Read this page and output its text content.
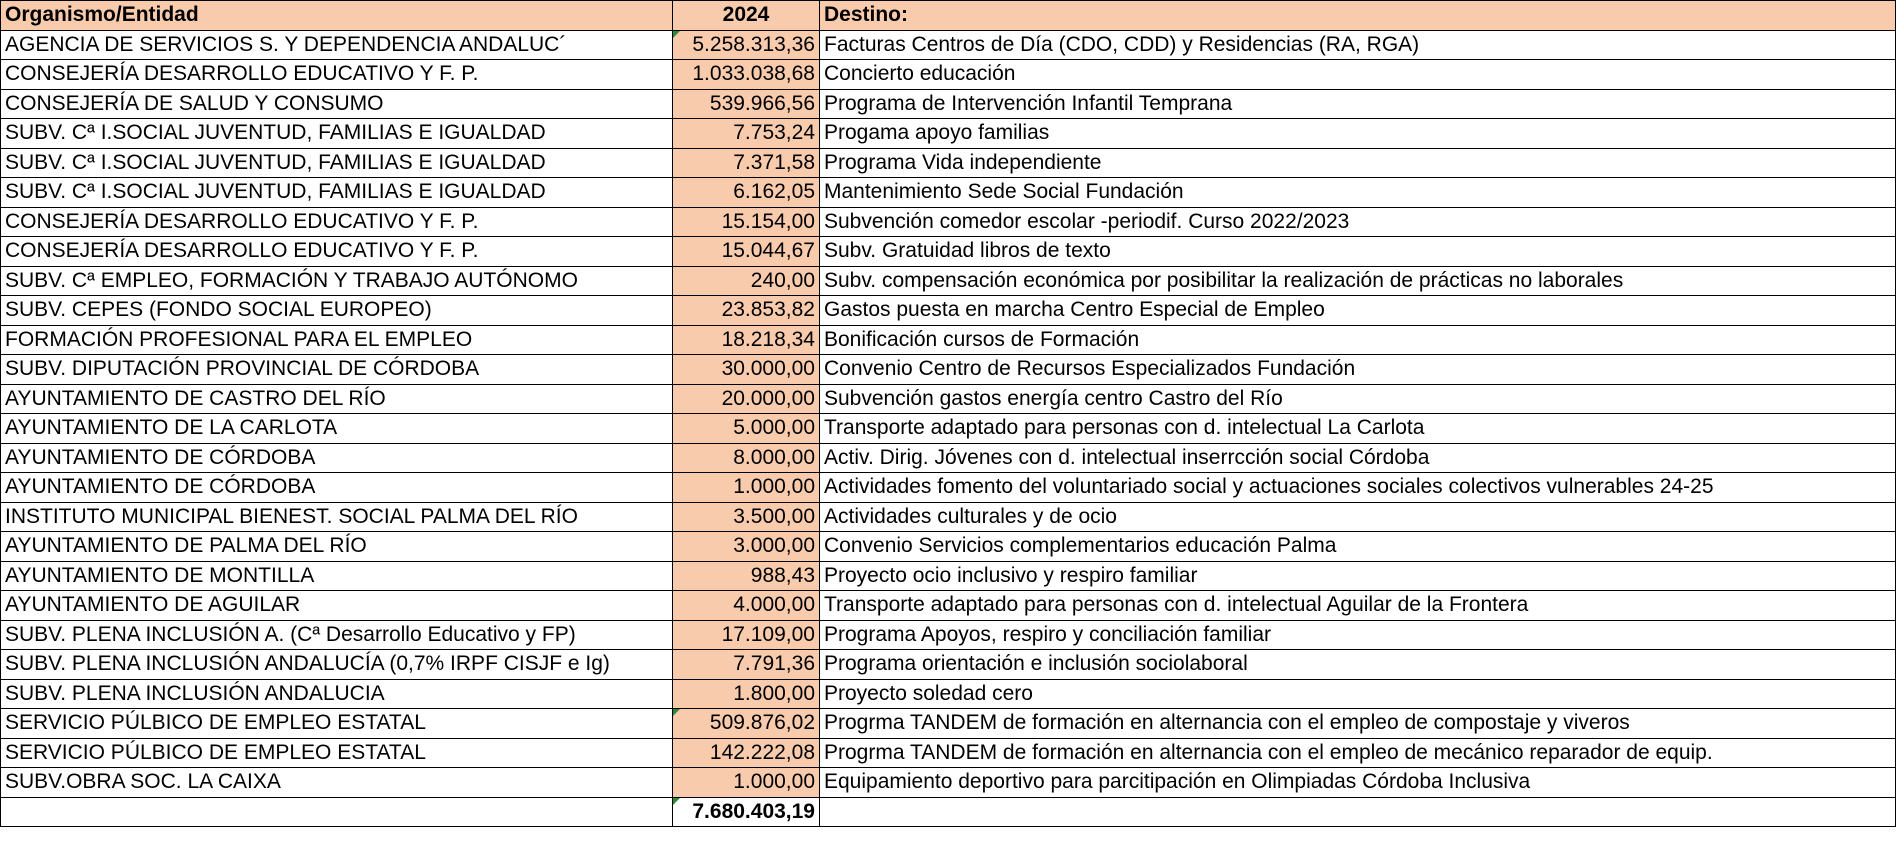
Organismo/Entidad	2024	Destino:
AGENCIA DE SERVICIOS S. Y DEPENDENCIA ANDALUC´	5.258.313,36	Facturas Centros de Día (CDO, CDD) y Residencias (RA, RGA)
CONSEJERÍA DESARROLLO EDUCATIVO Y F. P.	1.033.038,68	Concierto educación
CONSEJERÍA DE SALUD Y CONSUMO	539.966,56	Programa de Intervención Infantil Temprana
SUBV. Cª I.SOCIAL JUVENTUD, FAMILIAS E IGUALDAD	7.753,24	Progama apoyo familias
SUBV. Cª I.SOCIAL JUVENTUD, FAMILIAS E IGUALDAD	7.371,58	Programa Vida independiente
SUBV. Cª I.SOCIAL JUVENTUD, FAMILIAS E IGUALDAD	6.162,05	Mantenimiento Sede Social Fundación
CONSEJERÍA DESARROLLO EDUCATIVO Y F. P.	15.154,00	Subvención comedor escolar -periodif. Curso 2022/2023
CONSEJERÍA DESARROLLO EDUCATIVO Y F. P.	15.044,67	Subv. Gratuidad libros de texto
SUBV. Cª EMPLEO, FORMACIÓN Y TRABAJO AUTÓNOMO	240,00	Subv. compensación económica por posibilitar la realización de prácticas no laborales
SUBV. CEPES (FONDO SOCIAL EUROPEO)	23.853,82	Gastos puesta en marcha Centro Especial de Empleo
FORMACIÓN PROFESIONAL PARA EL EMPLEO	18.218,34	Bonificación cursos de Formación
SUBV. DIPUTACIÓN PROVINCIAL DE CÓRDOBA	30.000,00	Convenio Centro de Recursos Especializados Fundación
AYUNTAMIENTO DE CASTRO DEL RÍO	20.000,00	Subvención gastos energía centro Castro del Río
AYUNTAMIENTO DE LA CARLOTA	5.000,00	Transporte adaptado para personas con d. intelectual La Carlota
AYUNTAMIENTO DE CÓRDOBA	8.000,00	Activ. Dirig. Jóvenes con d. intelectual inserrcción social Córdoba
AYUNTAMIENTO DE CÓRDOBA	1.000,00	Actividades fomento del voluntariado social y actuaciones sociales colectivos vulnerables 24-25
INSTITUTO MUNICIPAL BIENEST. SOCIAL PALMA DEL RÍO	3.500,00	Actividades culturales y de ocio
AYUNTAMIENTO DE PALMA DEL RÍO	3.000,00	Convenio Servicios complementarios educación Palma
AYUNTAMIENTO DE MONTILLA	988,43	Proyecto ocio inclusivo y respiro familiar
AYUNTAMIENTO DE AGUILAR	4.000,00	Transporte adaptado para personas con d. intelectual Aguilar de la Frontera
SUBV. PLENA INCLUSIÓN A. (Cª Desarrollo Educativo y FP)	17.109,00	Programa Apoyos, respiro y conciliación familiar
SUBV. PLENA INCLUSIÓN ANDALUCÍA (0,7% IRPF CISJF e Ig)	7.791,36	Programa orientación e inclusión sociolaboral
SUBV. PLENA INCLUSIÓN ANDALUCIA	1.800,00	Proyecto soledad cero
SERVICIO PÚLBICO DE EMPLEO ESTATAL	509.876,02	Progrma TANDEM de formación en alternancia con el empleo de compostaje y viveros
SERVICIO PÚLBICO DE EMPLEO ESTATAL	142.222,08	Progrma TANDEM de formación en alternancia con el empleo de mecánico reparador de equip.
SUBV.OBRA SOC. LA CAIXA	1.000,00	Equipamiento deportivo para parcitipación en Olimpiadas Córdoba Inclusiva
	7.680.403,19	
